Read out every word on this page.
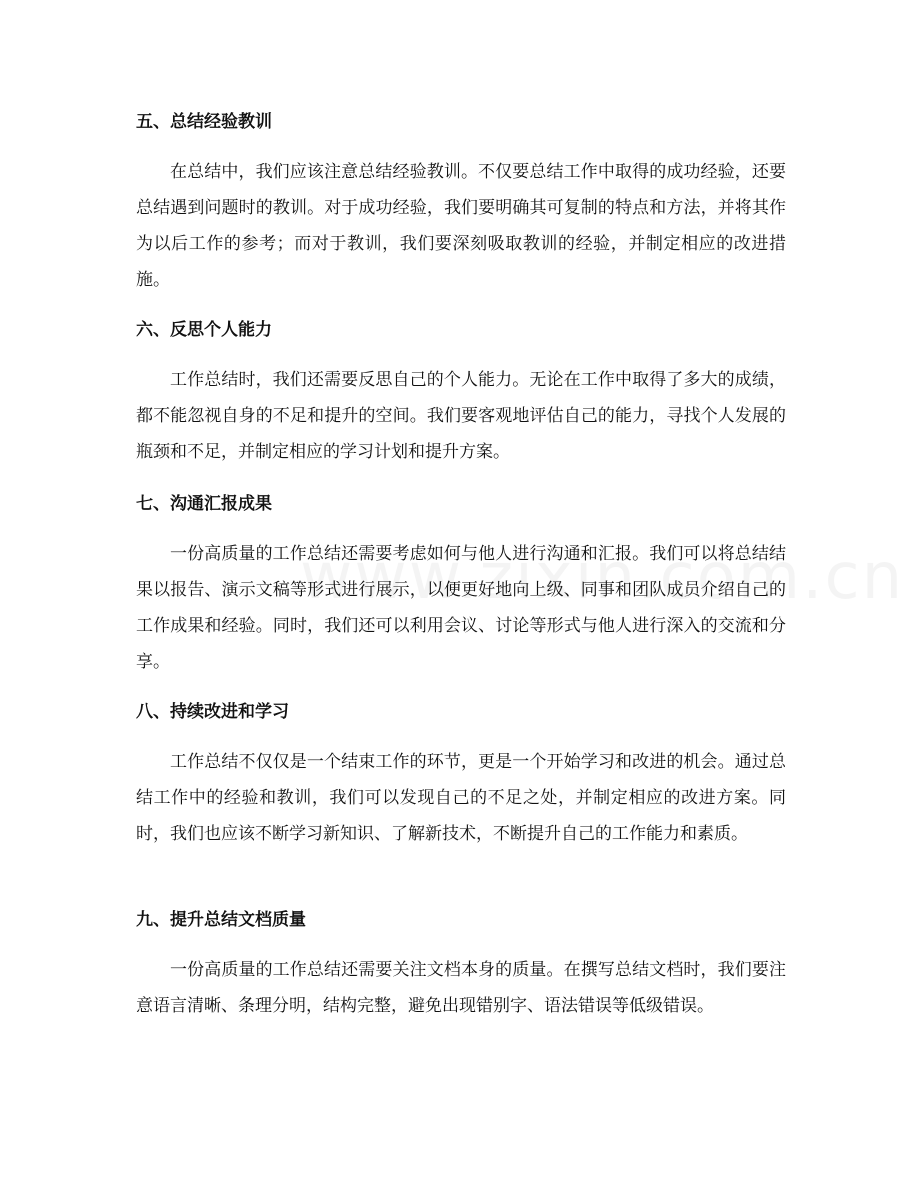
五、总结经验教训

在总结中，我们应该注意总结经验教训。不仅要总结工作中取得的成功经验，还要总结遇到问题时的教训。对于成功经验，我们要明确其可复制的特点和方法，并将其作为以后工作的参考；而对于教训，我们要深刻吸取教训的经验，并制定相应的改进措施。

六、反思个人能力

工作总结时，我们还需要反思自己的个人能力。无论在工作中取得了多大的成绩，都不能忽视自身的不足和提升的空间。我们要客观地评估自己的能力，寻找个人发展的瓶颈和不足，并制定相应的学习计划和提升方案。

七、沟通汇报成果

一份高质量的工作总结还需要考虑如何与他人进行沟通和汇报。我们可以将总结结果以报告、演示文稿等形式进行展示，以便更好地向上级、同事和团队成员介绍自己的工作成果和经验。同时，我们还可以利用会议、讨论等形式与他人进行深入的交流和分享。

八、持续改进和学习

工作总结不仅仅是一个结束工作的环节，更是一个开始学习和改进的机会。通过总结工作中的经验和教训，我们可以发现自己的不足之处，并制定相应的改进方案。同时，我们也应该不断学习新知识、了解新技术，不断提升自己的工作能力和素质。

九、提升总结文档质量

一份高质量的工作总结还需要关注文档本身的质量。在撰写总结文档时，我们要注意语言清晰、条理分明，结构完整，避免出现错别字、语法错误等低级错误。
